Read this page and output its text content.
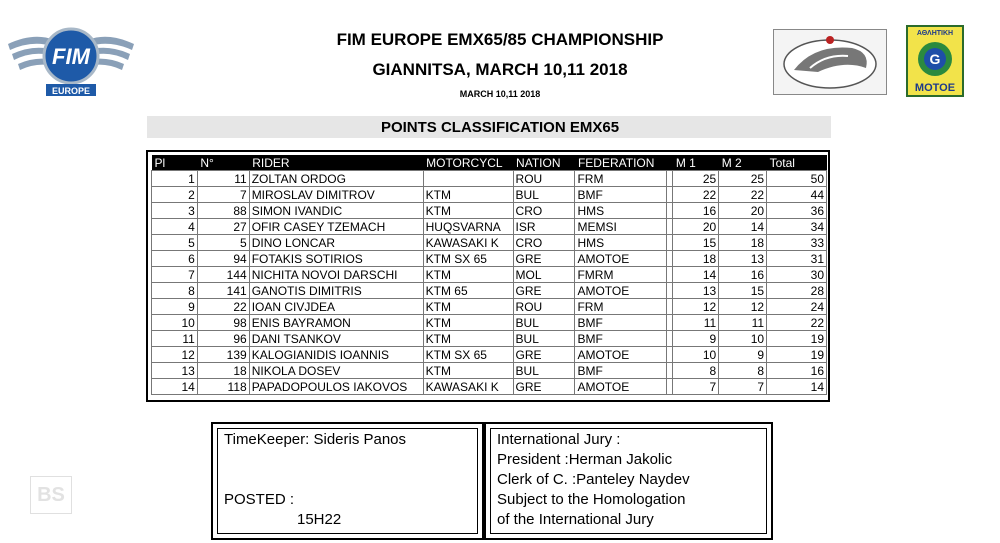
FIM
EUROPE
ΑΘΛΗΤΙΚΗ
G
ΜΟΤΟΕ
FIM EUROPE EMX65/85 CHAMPIONSHIP
GIANNITSA, MARCH 10,11 2018
MARCH 10,11 2018
POINTS CLASSIFICATION EMX65
Pl	N°	RIDER	MOTORCYCL	NATION	FEDERATION		M 1	M 2	Total
1	11	ZOLTAN ORDOG		ROU	FRM		25	25	50
2	7	MIROSLAV DIMITROV	KTM	BUL	BMF		22	22	44
3	88	SIMON IVANDIC	KTM	CRO	HMS		16	20	36
4	27	OFIR CASEY TZEMACH	HUQSVARNA	ISR	MEMSI		20	14	34
5	5	DINO LONCAR	KAWASAKI K	CRO	HMS		15	18	33
6	94	FOTAKIS SOTIRIOS	KTM SX 65	GRE	AMOTOE		18	13	31
7	144	NICHITA NOVOI DARSCHI	KTM	MOL	FMRM		14	16	30
8	141	GANOTIS DIMITRIS	KTM 65	GRE	AMOTOE		13	15	28
9	22	IOAN CIVJDEA	KTM	ROU	FRM		12	12	24
10	98	ENIS BAYRAMON	KTM	BUL	BMF		11	11	22
11	96	DANI TSANKOV	KTM	BUL	BMF		9	10	19
12	139	KALOGIANIDIS IOANNIS	KTM SX 65	GRE	AMOTOE		10	9	19
13	18	NIKOLA DOSEV	KTM	BUL	BMF		8	8	16
14	118	PAPADOPOULOS IAKOVOS	KAWASAKI K	GRE	AMOTOE		7	7	14
TimeKeeper: Sideris Panos
POSTED :
15H22
International Jury :
President :Herman Jakolic
Clerk of C. :Panteley Naydev
Subject to the Homologation
of the International Jury
BS
